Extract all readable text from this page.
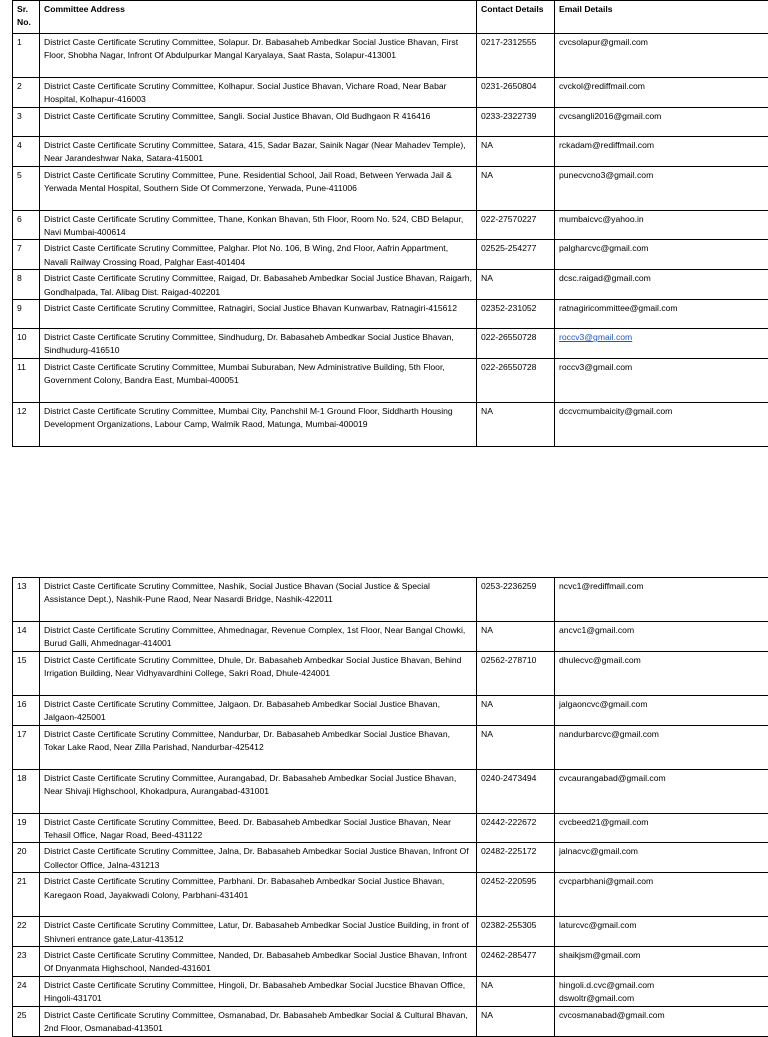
Sr. No.	Committee Address	Contact Details	Email Details
1	District Caste Certificate Scrutiny Committee, Solapur. Dr. Babasaheb Ambedkar Social Justice Bhavan, First Floor, Shobha Nagar, Infront Of Abdulpurkar Mangal Karyalaya, Saat Rasta, Solapur-413001	0217-2312555	cvcsolapur@gmail.com

2	District Caste Certificate Scrutiny Committee, Kolhapur. Social Justice Bhavan, Vichare Road, Near Babar Hospital, Kolhapur-416003	0231-2650804	cvckol@rediffmail.com

3	District Caste Certificate Scrutiny Committee, Sangli. Social Justice Bhavan, Old Budhgaon R 416416	0233-2322739	cvcsangli2016@gmail.com

4	District Caste Certificate Scrutiny Committee, Satara, 415, Sadar Bazar, Sainik Nagar (Near Mahadev Temple), Near Jarandeshwar Naka, Satara-415001	NA	rckadam@rediffmail.com

5	District Caste Certificate Scrutiny Committee, Pune. Residential School, Jail Road, Between Yerwada Jail & Yerwada Mental Hospital, Southern Side Of Commerzone, Yerwada, Pune-411006	NA	punecvcno3@gmail.com

6	District Caste Certificate Scrutiny Committee, Thane, Konkan Bhavan, 5th Floor, Room No. 524, CBD Belapur, Navi Mumbai-400614	022-27570227	mumbaicvc@yahoo.in

7	District Caste Certificate Scrutiny Committee, Palghar. Plot No. 106, B Wing, 2nd Floor, Aafrin Appartment, Navali Railway Crossing Road, Palghar East-401404	02525-254277	palgharcvc@gmail.com

8	District Caste Certificate Scrutiny Committee, Raigad, Dr. Babasaheb Ambedkar Social Justice Bhavan, Raigarh, Gondhalpada, Tal. Alibag Dist. Raigad-402201	NA	dcsc.raigad@gmail.com

9	District Caste Certificate Scrutiny Committee, Ratnagiri, Social Justice Bhavan Kunwarbav, Ratnagiri-415612	02352-231052	ratnagiricommittee@gmail.com

10	District Caste Certificate Scrutiny Committee, Sindhudurg, Dr. Babasaheb Ambedkar Social Justice Bhavan, Sindhudurg-416510	022-26550728	roccv3@gmail.com
11	District Caste Certificate Scrutiny Committee, Mumbai Suburaban, New Administrative Building, 5th Floor, Government Colony, Bandra East, Mumbai-400051	022-26550728	roccv3@gmail.com

12	District Caste Certificate Scrutiny Committee, Mumbai City, Panchshil M-1 Ground Floor, Siddharth Housing Development Organizations, Labour Camp, Walmik Raod, Matunga, Mumbai-400019	NA	dccvcmumbaicity@gmail.com
13	District Caste Certificate Scrutiny Committee, Nashik, Social Justice Bhavan (Social Justice & Special Assistance Dept.), Nashik-Pune Raod, Near Nasardi Bridge, Nashik-422011	0253-2236259	ncvc1@rediffmail.com

14	District Caste Certificate Scrutiny Committee, Ahmednagar, Revenue Complex, 1st Floor, Near Bangal Chowki, Burud Galli, Ahmednagar-414001	NA	ancvc1@gmail.com

15	District Caste Certificate Scrutiny Committee, Dhule, Dr. Babasaheb Ambedkar Social Justice Bhavan, Behind Irrigation Building, Near Vidhyavardhini College, Sakri Road, Dhule-424001	02562-278710	dhulecvc@gmail.com

16	District Caste Certificate Scrutiny Committee, Jalgaon. Dr. Babasaheb Ambedkar Social Justice Bhavan, Jalgaon-425001	NA	jalgaoncvc@gmail.com

17	District Caste Certificate Scrutiny Committee, Nandurbar, Dr. Babasaheb Ambedkar Social Justice Bhavan, Tokar Lake Raod, Near Zilla Parishad, Nandurbar-425412	NA	nandurbarcvc@gmail.com

18	District Caste Certificate Scrutiny Committee, Aurangabad, Dr. Babasaheb Ambedkar Social Justice Bhavan, Near Shivaji Highschool, Khokadpura, Aurangabad-431001	0240-2473494	cvcaurangabad@gmail.com

19	District Caste Certificate Scrutiny Committee, Beed. Dr. Babasaheb Ambedkar Social Justice Bhavan, Near Tehasil Office, Nagar Road, Beed-431122	02442-222672	cvcbeed21@gmail.com

20	District Caste Certificate Scrutiny Committee, Jalna, Dr. Babasaheb Ambedkar Social Justice Bhavan, Infront Of Collector Office, Jalna-431213	02482-225172	jalnacvc@gmail.com

21	District Caste Certificate Scrutiny Committee, Parbhani. Dr. Babasaheb Ambedkar Social Justice Bhavan, Karegaon Road, Jayakwadi Colony, Parbhani-431401	02452-220595	cvcparbhani@gmail.com

22	District Caste Certificate Scrutiny Committee, Latur, Dr. Babasaheb Ambedkar Social Justice Building, in front of Shivneri entrance gate,Latur-413512	02382-255305	laturcvc@gmail.com

23	District Caste Certificate Scrutiny Committee, Nanded, Dr. Babasaheb Ambedkar Social Justice Bhavan, Infront Of Dnyanmata Highschool, Nanded-431601	02462-285477	shaikjsm@gmail.com

24	District Caste Certificate Scrutiny Committee, Hingoli, Dr. Babasaheb Ambedkar Social Jucstice Bhavan Office, Hingoli-431701	NA	hingoli.d.cvc@gmail.com
dswoltr@gmail.com

25	District Caste Certificate Scrutiny Committee, Osmanabad, Dr. Babasaheb Ambedkar Social & Cultural Bhavan, 2nd Floor, Osmanabad-413501	NA	cvcosmanabad@gmail.com
